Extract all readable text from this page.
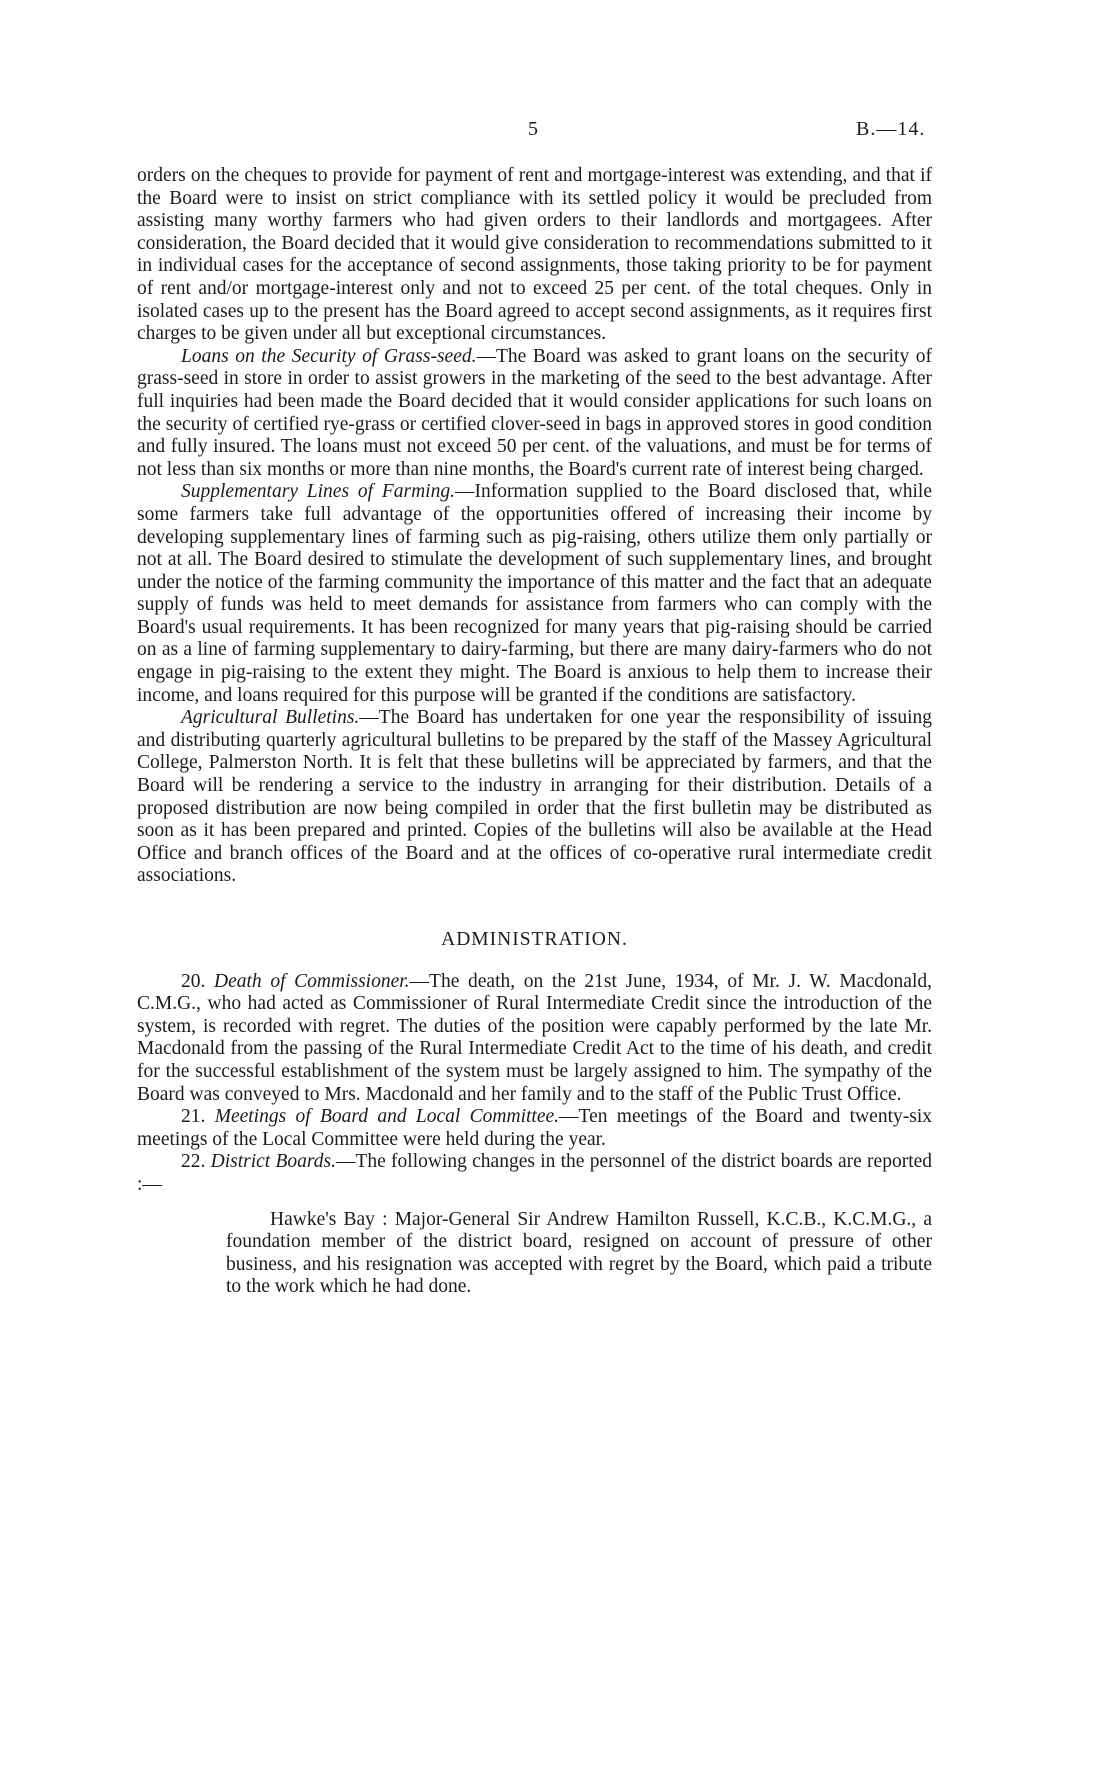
5	B.—14.

orders on the cheques to provide for payment of rent and mortgage-interest was extending, and that if the Board were to insist on strict compliance with its settled policy it would be precluded from assisting many worthy farmers who had given orders to their landlords and mortgagees. After consideration, the Board decided that it would give consideration to recommendations submitted to it in individual cases for the acceptance of second assignments, those taking priority to be for payment of rent and/or mortgage-interest only and not to exceed 25 per cent. of the total cheques. Only in isolated cases up to the present has the Board agreed to accept second assignments, as it requires first charges to be given under all but exceptional circumstances.

Loans on the Security of Grass-seed.—The Board was asked to grant loans on the security of grass-seed in store in order to assist growers in the marketing of the seed to the best advantage. After full inquiries had been made the Board decided that it would consider applications for such loans on the security of certified rye-grass or certified clover-seed in bags in approved stores in good condition and fully insured. The loans must not exceed 50 per cent. of the valuations, and must be for terms of not less than six months or more than nine months, the Board's current rate of interest being charged.

Supplementary Lines of Farming.—Information supplied to the Board disclosed that, while some farmers take full advantage of the opportunities offered of increasing their income by developing supplementary lines of farming such as pig-raising, others utilize them only partially or not at all. The Board desired to stimulate the development of such supplementary lines, and brought under the notice of the farming community the importance of this matter and the fact that an adequate supply of funds was held to meet demands for assistance from farmers who can comply with the Board's usual requirements. It has been recognized for many years that pig-raising should be carried on as a line of farming supplementary to dairy-farming, but there are many dairy-farmers who do not engage in pig-raising to the extent they might. The Board is anxious to help them to increase their income, and loans required for this purpose will be granted if the conditions are satisfactory.

Agricultural Bulletins.—The Board has undertaken for one year the responsibility of issuing and distributing quarterly agricultural bulletins to be prepared by the staff of the Massey Agricultural College, Palmerston North. It is felt that these bulletins will be appreciated by farmers, and that the Board will be rendering a service to the industry in arranging for their distribution. Details of a proposed distribution are now being compiled in order that the first bulletin may be distributed as soon as it has been prepared and printed. Copies of the bulletins will also be available at the Head Office and branch offices of the Board and at the offices of co-operative rural intermediate credit associations.

ADMINISTRATION.

20. Death of Commissioner.—The death, on the 21st June, 1934, of Mr. J. W. Macdonald, C.M.G., who had acted as Commissioner of Rural Intermediate Credit since the introduction of the system, is recorded with regret. The duties of the position were capably performed by the late Mr. Macdonald from the passing of the Rural Intermediate Credit Act to the time of his death, and credit for the successful establishment of the system must be largely assigned to him. The sympathy of the Board was conveyed to Mrs. Macdonald and her family and to the staff of the Public Trust Office.

21. Meetings of Board and Local Committee.—Ten meetings of the Board and twenty-six meetings of the Local Committee were held during the year.

22. District Boards.—The following changes in the personnel of the district boards are reported :—

Hawke's Bay : Major-General Sir Andrew Hamilton Russell, K.C.B., K.C.M.G., a foundation member of the district board, resigned on account of pressure of other business, and his resignation was accepted with regret by the Board, which paid a tribute to the work which he had done.
